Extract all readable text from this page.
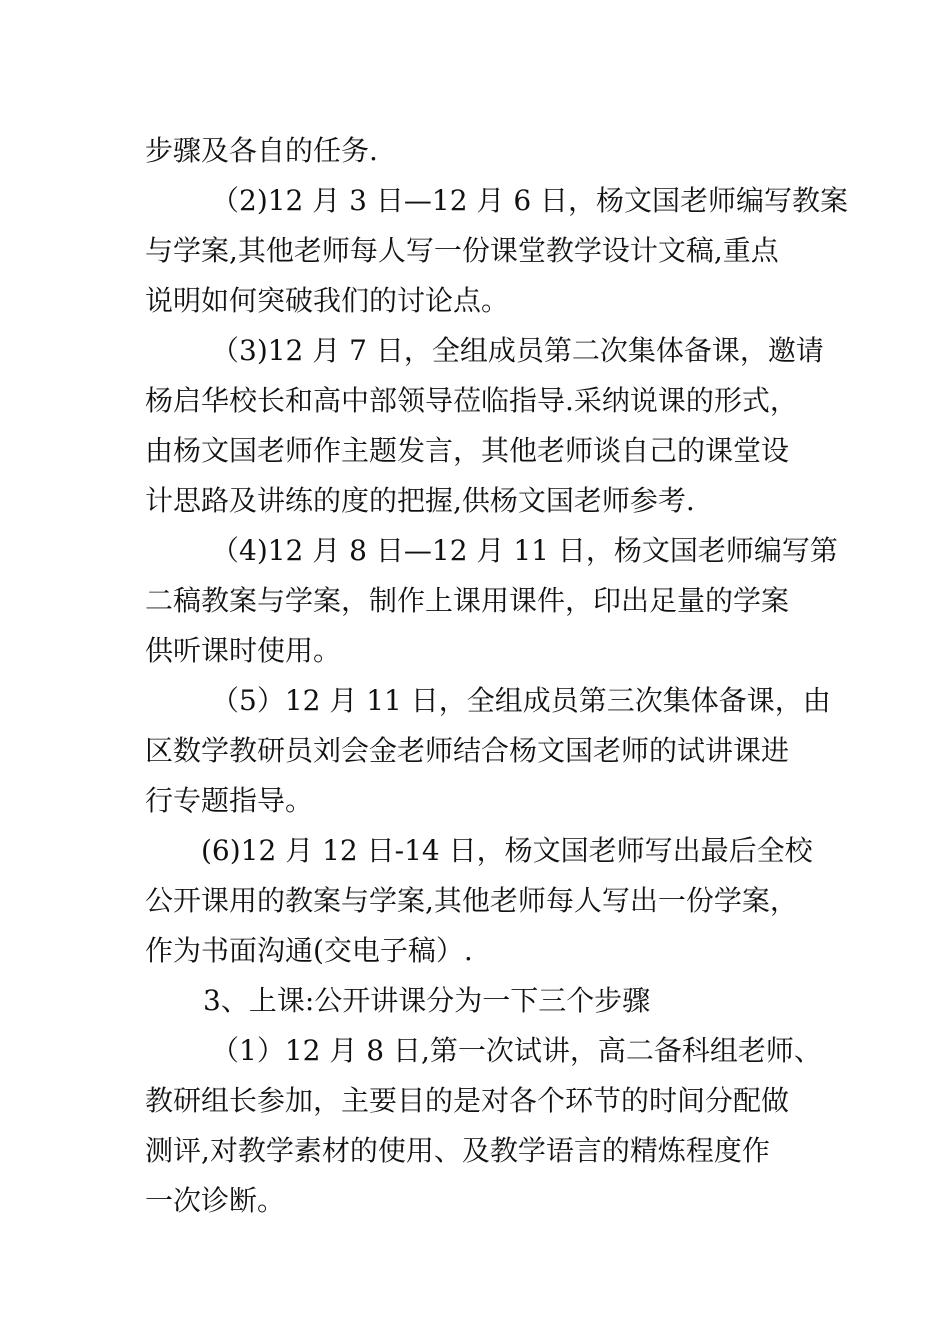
步骤及各自的任务.
（2)12 月 3 日—12 月 6 日，杨文国老师编写教案
与学案,其他老师每人写一份课堂教学设计文稿,重点
说明如何突破我们的讨论点。
（3)12 月 7 日，全组成员第二次集体备课，邀请
杨启华校长和高中部领导莅临指导.采纳说课的形式，
由杨文国老师作主题发言，其他老师谈自己的课堂设
计思路及讲练的度的把握,供杨文国老师参考.
（4)12 月 8 日—12 月 11 日，杨文国老师编写第
二稿教案与学案，制作上课用课件，印出足量的学案
供听课时使用。
（5）12 月 11 日，全组成员第三次集体备课，由
区数学教研员刘会金老师结合杨文国老师的试讲课进
行专题指导。
(6)12 月 12 日-14 日，杨文国老师写出最后全校
公开课用的教案与学案,其他老师每人写出一份学案，
作为书面沟通(交电子稿）.
3、上课:公开讲课分为一下三个步骤
（1）12 月 8 日,第一次试讲，高二备科组老师、
教研组长参加，主要目的是对各个环节的时间分配做
测评,对教学素材的使用、及教学语言的精炼程度作
一次诊断。
